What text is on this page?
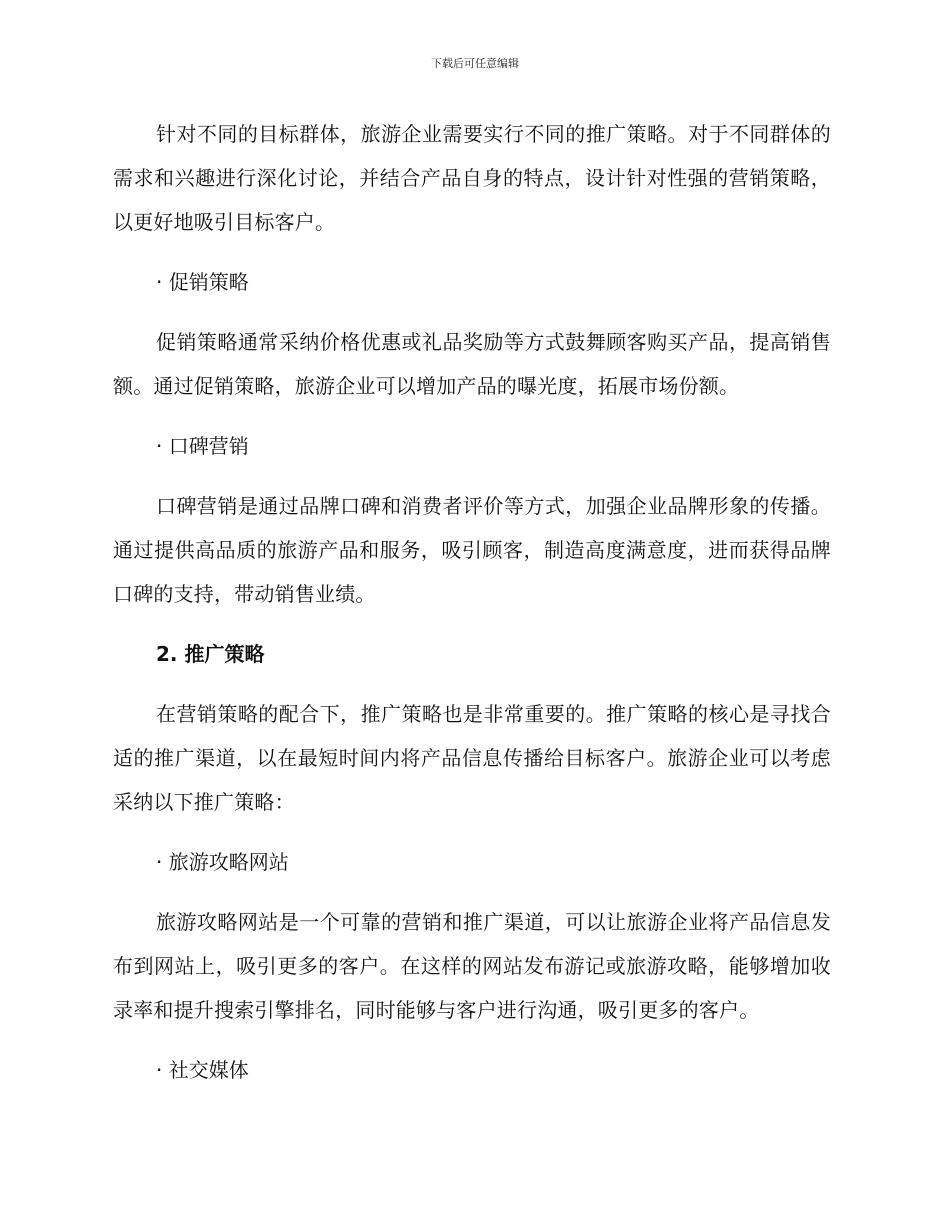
下载后可任意编辑

针对不同的目标群体，旅游企业需要实行不同的推广策略。对于不同群体的需求和兴趣进行深化讨论，并结合产品自身的特点，设计针对性强的营销策略，以更好地吸引目标客户。

· 促销策略

促销策略通常采纳价格优惠或礼品奖励等方式鼓舞顾客购买产品，提高销售额。通过促销策略，旅游企业可以增加产品的曝光度，拓展市场份额。

· 口碑营销

口碑营销是通过品牌口碑和消费者评价等方式，加强企业品牌形象的传播。通过提供高品质的旅游产品和服务，吸引顾客，制造高度满意度，进而获得品牌口碑的支持，带动销售业绩。

2. 推广策略

在营销策略的配合下，推广策略也是非常重要的。推广策略的核心是寻找合适的推广渠道，以在最短时间内将产品信息传播给目标客户。旅游企业可以考虑采纳以下推广策略：

· 旅游攻略网站

旅游攻略网站是一个可靠的营销和推广渠道，可以让旅游企业将产品信息发布到网站上，吸引更多的客户。在这样的网站发布游记或旅游攻略，能够增加收录率和提升搜索引擎排名，同时能够与客户进行沟通，吸引更多的客户。

· 社交媒体
